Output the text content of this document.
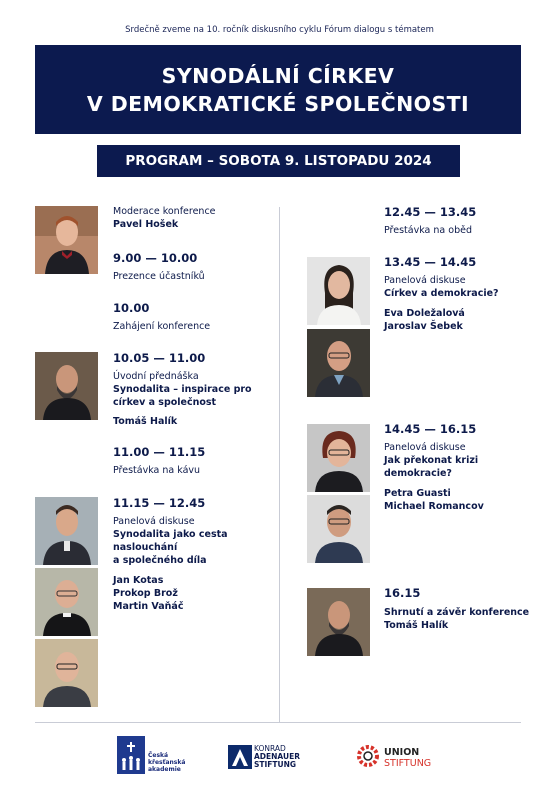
Srdečně zveme na 10. ročník diskusního cyklu Fórum dialogu s tématem
SYNODÁLNÍ CÍRKEV
V DEMOKRATICKÉ SPOLEČNOSTI
PROGRAM – SOBOTA 9. LISTOPADU 2024
Moderace konference
Pavel Hošek
9.00 — 10.00
Prezence účastníků
10.00
Zahájení konference
10.05 — 11.00
Úvodní přednáška
Synodalita – inspirace pro
církev a společnost
Tomáš Halík
11.00 — 11.15
Přestávka na kávu
11.15 — 12.45
Panelová diskuse
Synodalita jako cesta
naslouchání
a společného díla
Jan Kotas
Prokop Brož
Martin Vaňáč
12.45 — 13.45
Přestávka na oběd
13.45 — 14.45
Panelová diskuse
Církev a demokracie?
Eva Doležalová
Jaroslav Šebek
14.45 — 16.15
Panelová diskuse
Jak překonat krizi
demokracie?
Petra Guasti
Michael Romancov
16.15
Shrnutí a závěr konference
Tomáš Halík
Česká
křesťanská
akademie
KONRAD
ADENAUER
STIFTUNG
UNION
STIFTUNG
